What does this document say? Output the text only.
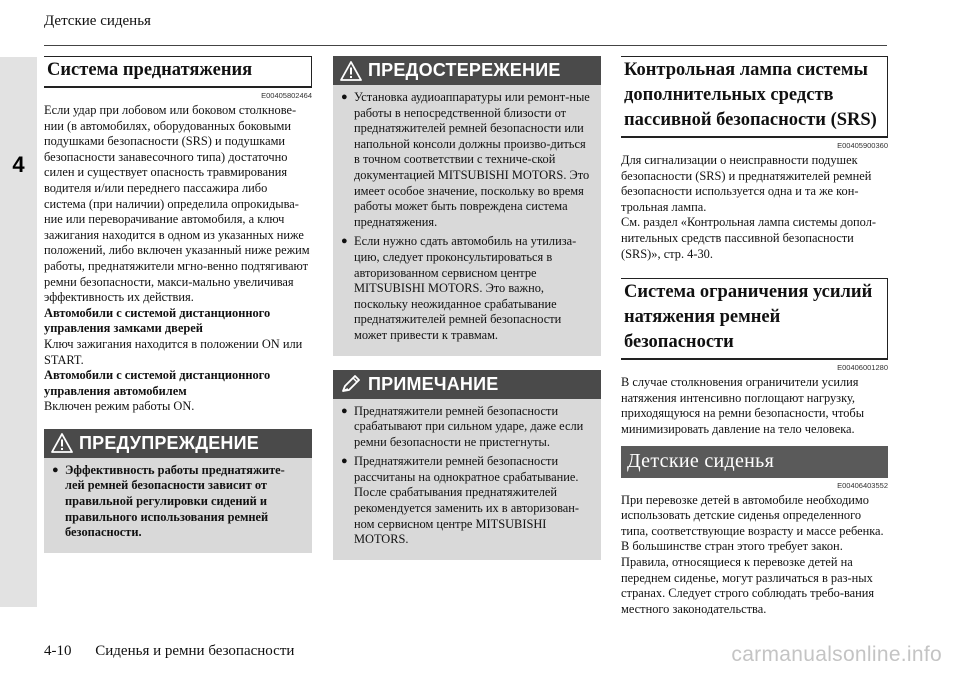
4
Детские сиденья
Система преднатяжения
E00405802464

Если удар при лобовом или боковом столкнове-нии (в автомобилях, оборудованных боковыми подушками безопасности (SRS) и подушками безопасности занавесочного типа) достаточно силен и существует опасность травмирования водителя и/или переднего пассажира либо система (при наличии) определила опрокидыва-ние или переворачивание автомобиля, а ключ зажигания находится в одном из указанных ниже положений, либо включен указанный ниже режим работы, преднатяжители мгно-венно подтягивают ремни безопасности, макси-мально увеличивая эффективность их действия.

Автомобили с системой дистанционного управления замками дверей

Ключ зажигания находится в положении ON или START.

Автомобили с системой дистанционного управления автомобилем

Включен режим работы ON.

ПРЕДУПРЕЖДЕНИЕ
● Эффективность работы преднатяжите-лей ремней безопасности зависит от правильной регулировки сидений и правильного использования ремней безопасности.
ПРЕДОСТЕРЕЖЕНИЕ
● Установка аудиоаппаратуры или ремонт-ные работы в непосредственной близости от преднатяжителей ремней безопасности или напольной консоли должны произво-диться в точном соответствии с техниче-ской документацией MITSUBISHI MOTORS. Это имеет особое значение, поскольку во время работы может быть повреждена система преднатяжения.
● Если нужно сдать автомобиль на утилиза-цию, следует проконсультироваться в авторизованном сервисном центре MITSUBISHI MOTORS. Это важно, поскольку неожиданное срабатывание преднатяжителей ремней безопасности может привести к травмам.
ПРИМЕЧАНИЕ
● Преднатяжители ремней безопасности срабатывают при сильном ударе, даже если ремни безопасности не пристегнуты.
● Преднатяжители ремней безопасности рассчитаны на однократное срабатывание. После срабатывания преднатяжителей рекомендуется заменить их в авторизован-ном сервисном центре MITSUBISHI MOTORS.
Контрольная лампа системы дополнительных средств пассивной безопасности (SRS)
E00405900360

Для сигнализации о неисправности подушек безопасности (SRS) и преднатяжителей ремней безопасности используется одна и та же кон-трольная лампа.

См. раздел «Контрольная лампа системы допол-нительных средств пассивной безопасности (SRS)», стр. 4-30.

Система ограничения усилий натяжения ремней безопасности
E00406001280

В случае столкновения ограничители усилия натяжения интенсивно поглощают нагрузку, приходящуюся на ремни безопасности, чтобы минимизировать давление на тело человека.

Детские сиденья
E00406403552

При перевозке детей в автомобиле необходимо использовать детские сиденья определенного типа, соответствующие возрасту и массе ребенка. В большинстве стран этого требует закон.

Правила, относящиеся к перевозке детей на переднем сиденье, могут различаться в раз-ных странах. Следует строго соблюдать требо-вания местного законодательства.

4-10 Сиденья и ремни безопасности	carmanualsonline.info
